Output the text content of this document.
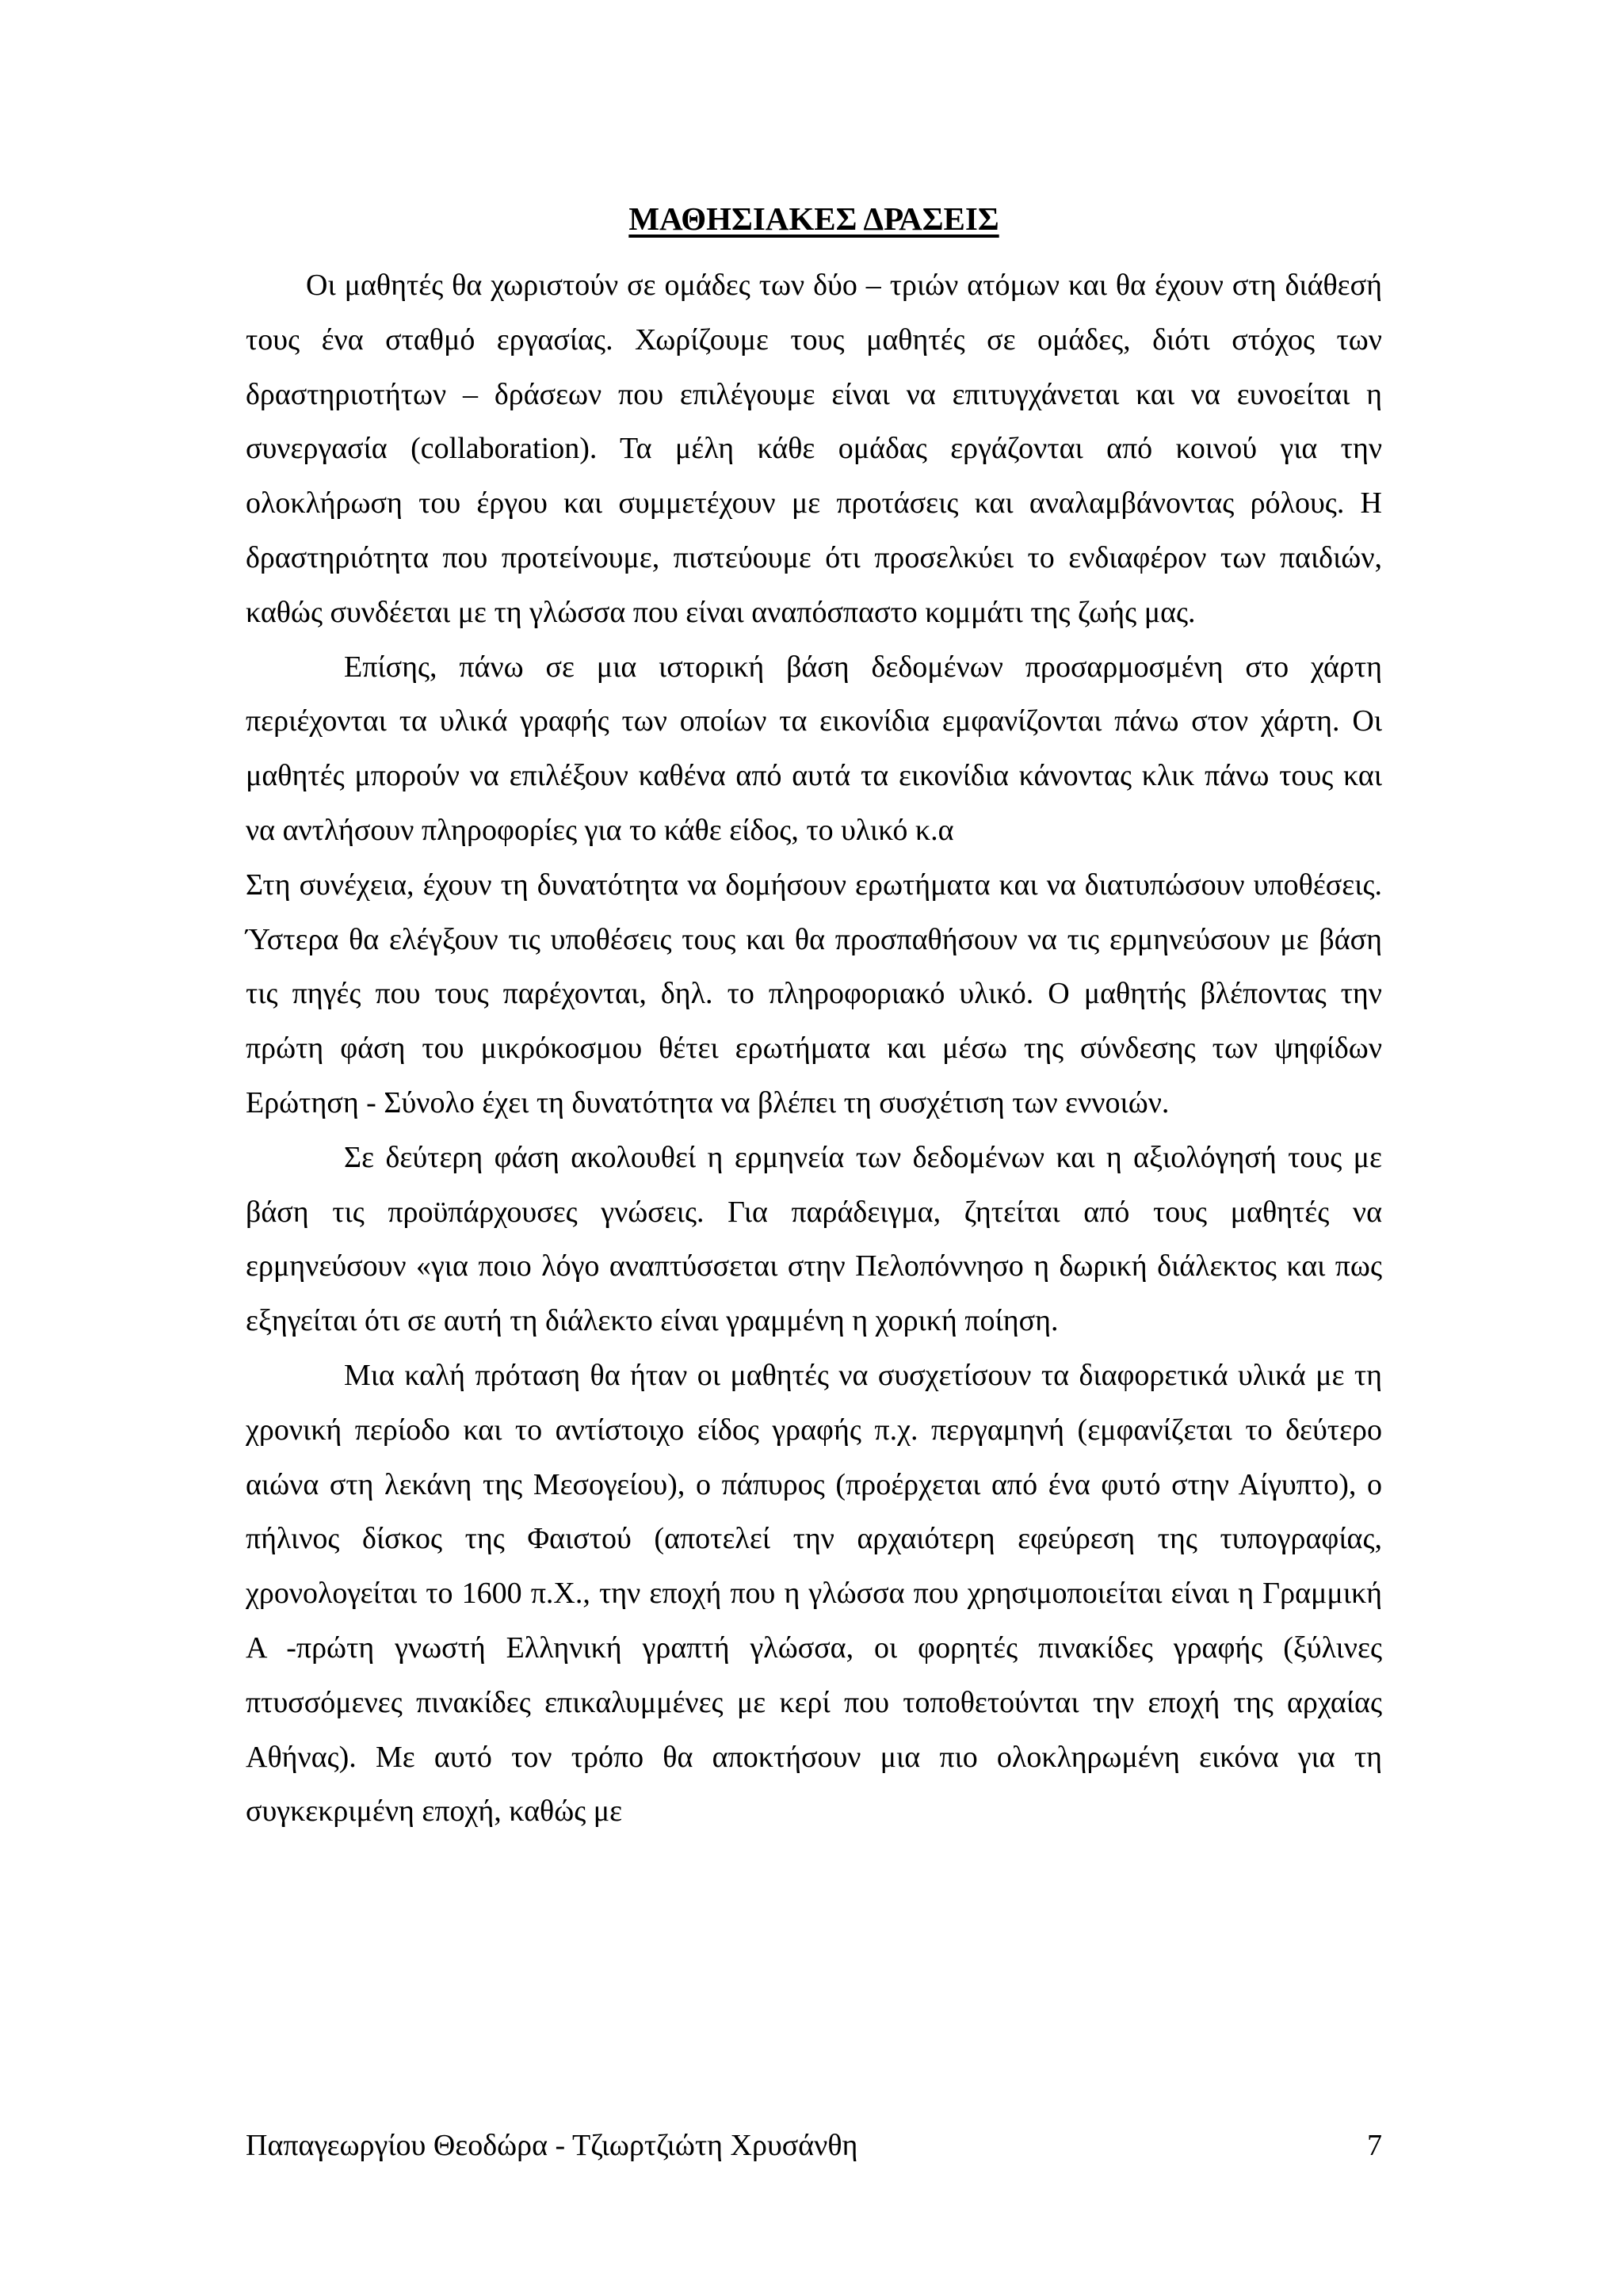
ΜΑΘΗΣΙΑΚΕΣ ΔΡΑΣΕΙΣ

Οι μαθητές θα χωριστούν σε ομάδες των δύο – τριών ατόμων και θα έχουν στη διάθεσή τους ένα σταθμό εργασίας. Χωρίζουμε τους μαθητές σε ομάδες, διότι στόχος των δραστηριοτήτων – δράσεων που επιλέγουμε είναι να επιτυγχάνεται και να ευνοείται η συνεργασία (collaboration). Τα μέλη κάθε ομάδας εργάζονται από κοινού για την ολοκλήρωση του έργου και συμμετέχουν με προτάσεις και αναλαμβάνοντας ρόλους. Η δραστηριότητα που προτείνουμε, πιστεύουμε ότι προσελκύει το ενδιαφέρον των παιδιών, καθώς συνδέεται με τη γλώσσα που είναι αναπόσπαστο κομμάτι της ζωής μας.

Επίσης, πάνω σε μια ιστορική βάση δεδομένων προσαρμοσμένη στο χάρτη περιέχονται τα υλικά γραφής των οποίων τα εικονίδια εμφανίζονται πάνω στον χάρτη. Οι μαθητές μπορούν να επιλέξουν καθένα από αυτά τα εικονίδια κάνοντας κλικ πάνω τους και να αντλήσουν πληροφορίες για το κάθε είδος, το υλικό κ.α

Στη συνέχεια, έχουν τη δυνατότητα να δομήσουν ερωτήματα και να διατυπώσουν υποθέσεις. Ύστερα θα ελέγξουν τις υποθέσεις τους και θα προσπαθήσουν να τις ερμηνεύσουν με βάση τις πηγές που τους παρέχονται, δηλ. το πληροφοριακό υλικό. Ο μαθητής βλέποντας την πρώτη φάση του μικρόκοσμου θέτει ερωτήματα και μέσω της σύνδεσης των ψηφίδων Ερώτηση - Σύνολο έχει τη δυνατότητα να βλέπει τη συσχέτιση των εννοιών.

Σε δεύτερη φάση ακολουθεί η ερμηνεία των δεδομένων και η αξιολόγησή τους με βάση τις προϋπάρχουσες γνώσεις. Για παράδειγμα, ζητείται από τους μαθητές να ερμηνεύσουν «για ποιο λόγο αναπτύσσεται στην Πελοπόννησο η δωρική διάλεκτος και πως εξηγείται ότι σε αυτή τη διάλεκτο είναι γραμμένη η χορική ποίηση.

Μια καλή πρόταση θα ήταν οι μαθητές να συσχετίσουν τα διαφορετικά υλικά με τη χρονική περίοδο και το αντίστοιχο είδος γραφής π.χ. περγαμηνή (εμφανίζεται το δεύτερο αιώνα στη λεκάνη της Μεσογείου), ο πάπυρος (προέρχεται από ένα φυτό στην Αίγυπτο), ο πήλινος δίσκος της Φαιστού (αποτελεί την αρχαιότερη εφεύρεση της τυπογραφίας, χρονολογείται το 1600 π.Χ., την εποχή που η γλώσσα που χρησιμοποιείται είναι η Γραμμική Α -πρώτη γνωστή Ελληνική γραπτή γλώσσα, οι φορητές πινακίδες γραφής (ξύλινες πτυσσόμενες πινακίδες επικαλυμμένες με κερί που τοποθετούνται την εποχή της αρχαίας Αθήνας). Με αυτό τον τρόπο θα αποκτήσουν μια πιο ολοκληρωμένη εικόνα για τη συγκεκριμένη εποχή, καθώς με

Παπαγεωργίου Θεοδώρα - Τζιωρτζιώτη Χρυσάνθη	7
